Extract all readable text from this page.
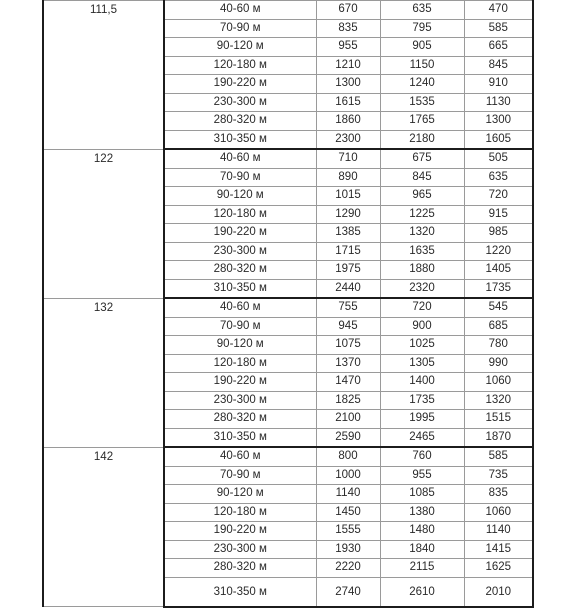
111,5	40-60 м	670	635	470
	70-90 м	835	795	585
	90-120 м	955	905	665
	120-180 м	1210	1150	845
	190-220 м	1300	1240	910
	230-300 м	1615	1535	1130
	280-320 м	1860	1765	1300
	310-350 м	2300	2180	1605
122	40-60 м	710	675	505
	70-90 м	890	845	635
	90-120 м	1015	965	720
	120-180 м	1290	1225	915
	190-220 м	1385	1320	985
	230-300 м	1715	1635	1220
	280-320 м	1975	1880	1405
	310-350 м	2440	2320	1735
132	40-60 м	755	720	545
	70-90 м	945	900	685
	90-120 м	1075	1025	780
	120-180 м	1370	1305	990
	190-220 м	1470	1400	1060
	230-300 м	1825	1735	1320
	280-320 м	2100	1995	1515
	310-350 м	2590	2465	1870
142	40-60 м	800	760	585
	70-90 м	1000	955	735
	90-120 м	1140	1085	835
	120-180 м	1450	1380	1060
	190-220 м	1555	1480	1140
	230-300 м	1930	1840	1415
	280-320 м	2220	2115	1625
	310-350 м	2740	2610	2010
